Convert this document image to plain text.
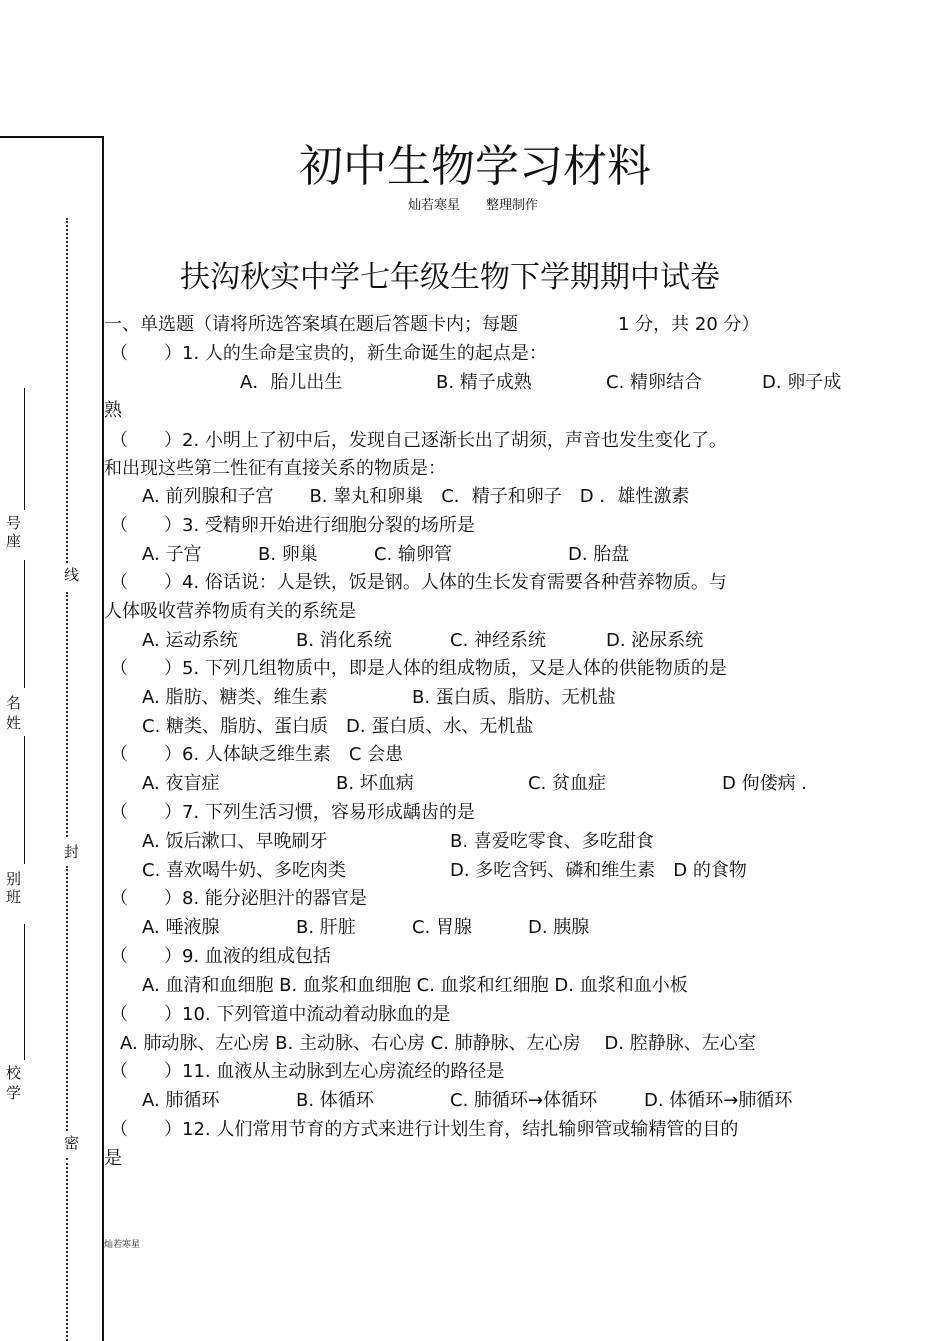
号
座
名
姓
别
班
校
学
线
封
密
初中生物学习材料
灿若寒星 整理制作
扶沟秋实中学七年级生物下学期期中试卷
一、单选题（请将所选答案填在题后答题卡内；每题	1 分，共 20 分）
（　　）1. 人的生命是宝贵的，新生命诞生的起点是：
A．胎儿出生	B. 精子成熟	C. 精卵结合	D. 卵子成
熟
（　　）2. 小明上了初中后，发现自己逐渐长出了胡须，声音也发生变化了。
和出现这些第二性征有直接关系的物质是：
A. 前列腺和子宫　　B. 睾丸和卵巢　C．精子和卵子　D ．雄性激素
（　　）3. 受精卵开始进行细胞分裂的场所是
A. 子宫	B. 卵巢	C. 输卵管	D. 胎盘
（　　）4. 俗话说：人是铁，饭是钢。人体的生长发育需要各种营养物质。与
人体吸收营养物质有关的系统是
A. 运动系统	B. 消化系统	C. 神经系统	D. 泌尿系统
（　　）5. 下列几组物质中，即是人体的组成物质，又是人体的供能物质的是
A. 脂肪、糖类、维生素	B. 蛋白质、脂肪、无机盐
C. 糖类、脂肪、蛋白质　D. 蛋白质、水、无机盐
（　　）6. 人体缺乏维生素　C 会患
A. 夜盲症	B. 坏血病	C. 贫血症	D 佝偻病 .
（　　）7. 下列生活习惯，容易形成龋齿的是
A. 饭后漱口、早晚刷牙	B. 喜爱吃零食、多吃甜食
C. 喜欢喝牛奶、多吃肉类	D. 多吃含钙、磷和维生素　D 的食物
（　　）8. 能分泌胆汁的器官是
A. 唾液腺	B. 肝脏	C. 胃腺	D. 胰腺
（　　）9. 血液的组成包括
A. 血清和血细胞 B. 血浆和血细胞 C. 血浆和红细胞 D. 血浆和血小板
（　　）10. 下列管道中流动着动脉血的是
A. 肺动脉、左心房 B. 主动脉、右心房 C. 肺静脉、左心房　 D. 腔静脉、左心室
（　　）11. 血液从主动脉到左心房流经的路径是
A. 肺循环	B. 体循环	C. 肺循环→体循环	D. 体循环→肺循环
（　　）12. 人们常用节育的方式来进行计划生育，结扎输卵管或输精管的目的
是
灿若寒星
